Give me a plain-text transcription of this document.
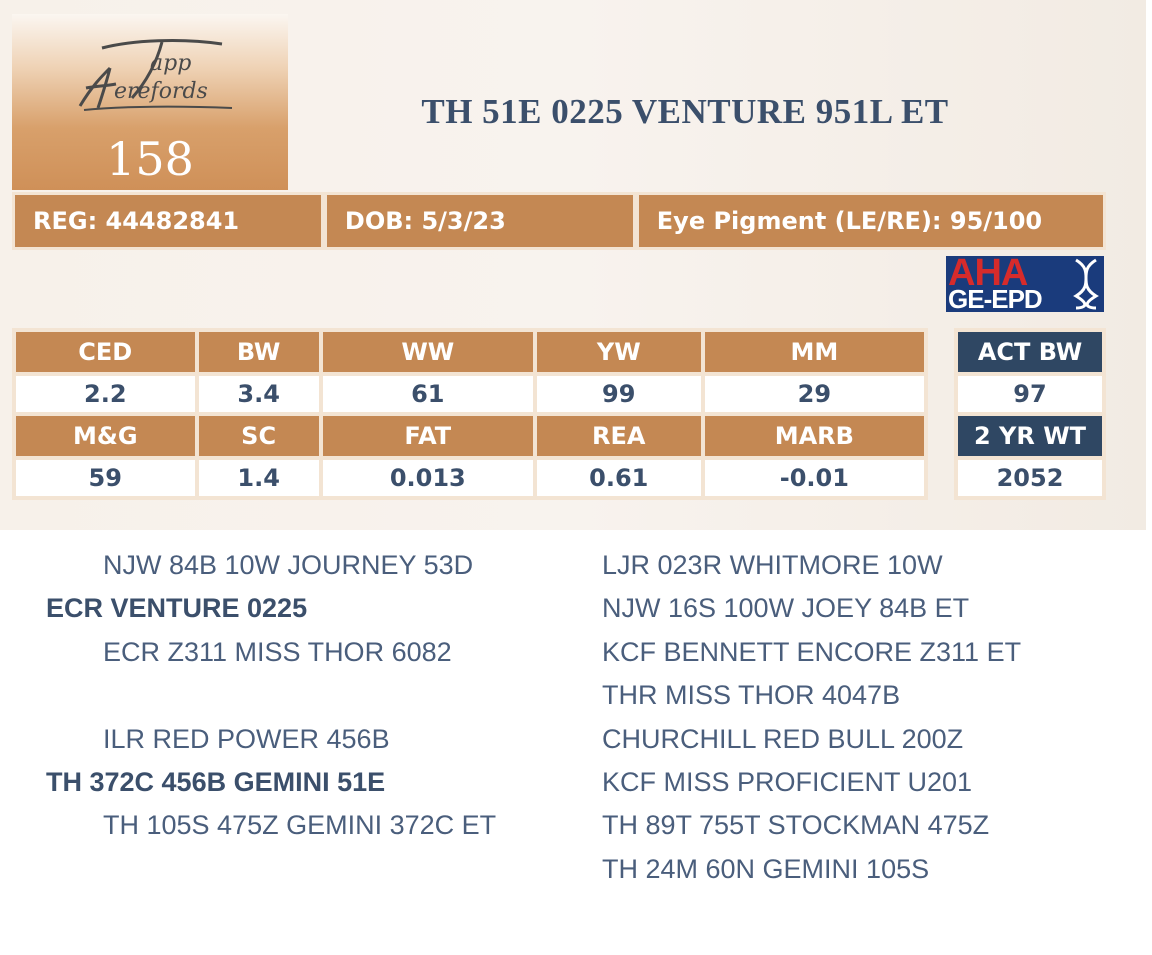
app
erefords
158
TH 51E 0225 VENTURE 951L ET
REG: 44482841	DOB: 5/3/23	Eye Pigment (LE/RE): 95/100
AHA
GE-EPD
CED	BW	WW	YW	MM
2.2	3.4	61	99	29
M&G	SC	FAT	REA	MARB
59	1.4	0.013	0.61	-0.01
ACT BW
97
2 YR WT
2052
NJW 84B 10W JOURNEY 53D
ECR VENTURE 0225
ECR Z311 MISS THOR 6082
ILR RED POWER 456B
TH 372C 456B GEMINI 51E
TH 105S 475Z GEMINI 372C ET
LJR 023R WHITMORE 10W
NJW 16S 100W JOEY 84B ET
KCF BENNETT ENCORE Z311 ET
THR MISS THOR 4047B
CHURCHILL RED BULL 200Z
KCF MISS PROFICIENT U201
TH 89T 755T STOCKMAN 475Z
TH 24M 60N GEMINI 105S
